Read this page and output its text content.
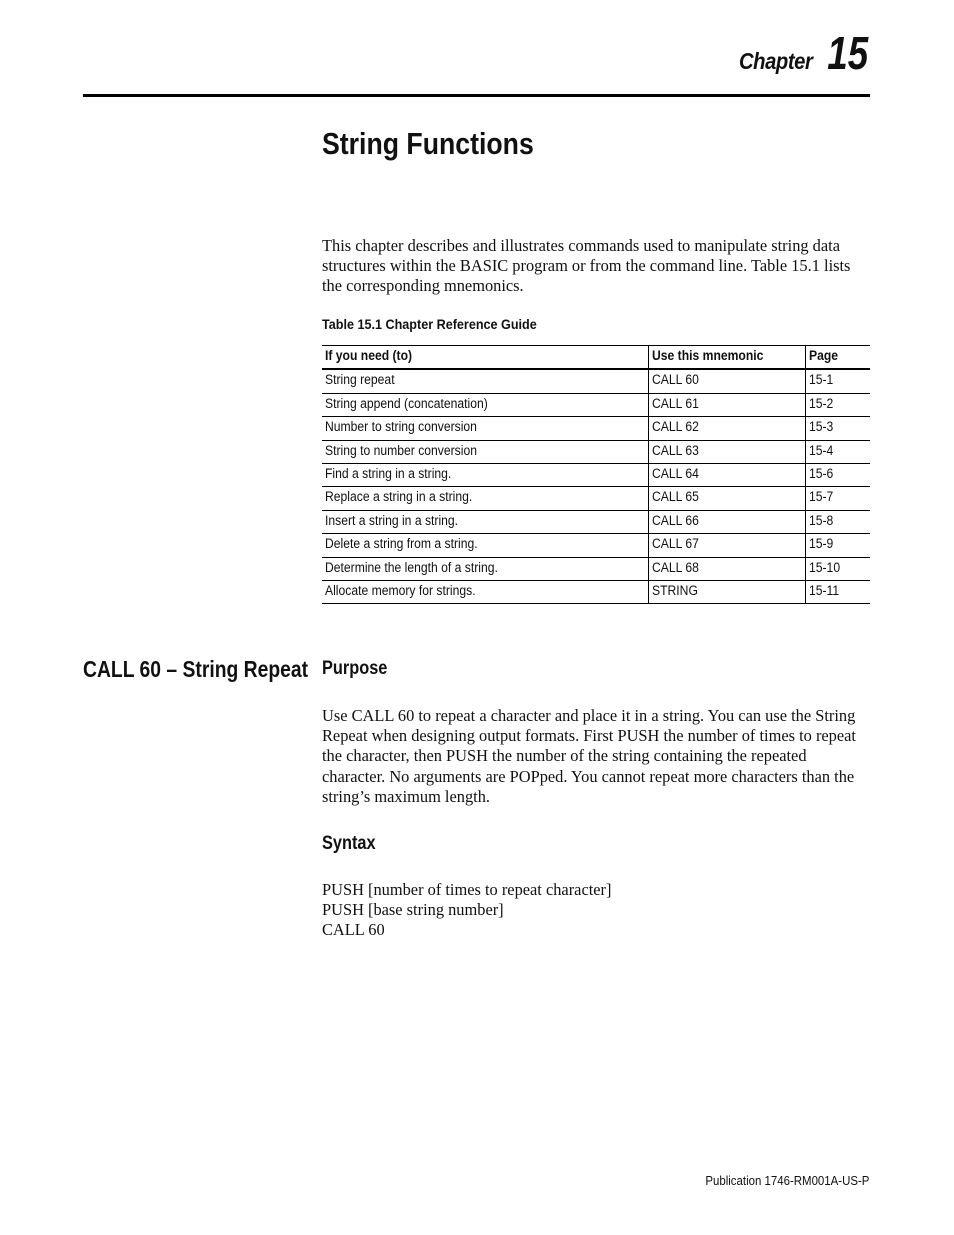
Chapter 15
String Functions
This chapter describes and illustrates commands used to manipulate string data structures within the BASIC program or from the command line. Table 15.1 lists the corresponding mnemonics.
Table 15.1 Chapter Reference Guide
If you need (to)	Use this mnemonic	Page
String repeat	CALL 60	15-1
String append (concatenation)	CALL 61	15-2
Number to string conversion	CALL 62	15-3
String to number conversion	CALL 63	15-4
Find a string in a string.	CALL 64	15-6
Replace a string in a string.	CALL 65	15-7
Insert a string in a string.	CALL 66	15-8
Delete a string from a string.	CALL 67	15-9
Determine the length of a string.	CALL 68	15-10
Allocate memory for strings.	STRING	15-11
CALL 60 – String Repeat Purpose
Use CALL 60 to repeat a character and place it in a string. You can use the String Repeat when designing output formats. First PUSH the number of times to repeat the character, then PUSH the number of the string containing the repeated character. No arguments are POPped. You cannot repeat more characters than the string’s maximum length.
Syntax
PUSH [number of times to repeat character]
PUSH [base string number]
CALL 60
Publication 1746-RM001A-US-P
